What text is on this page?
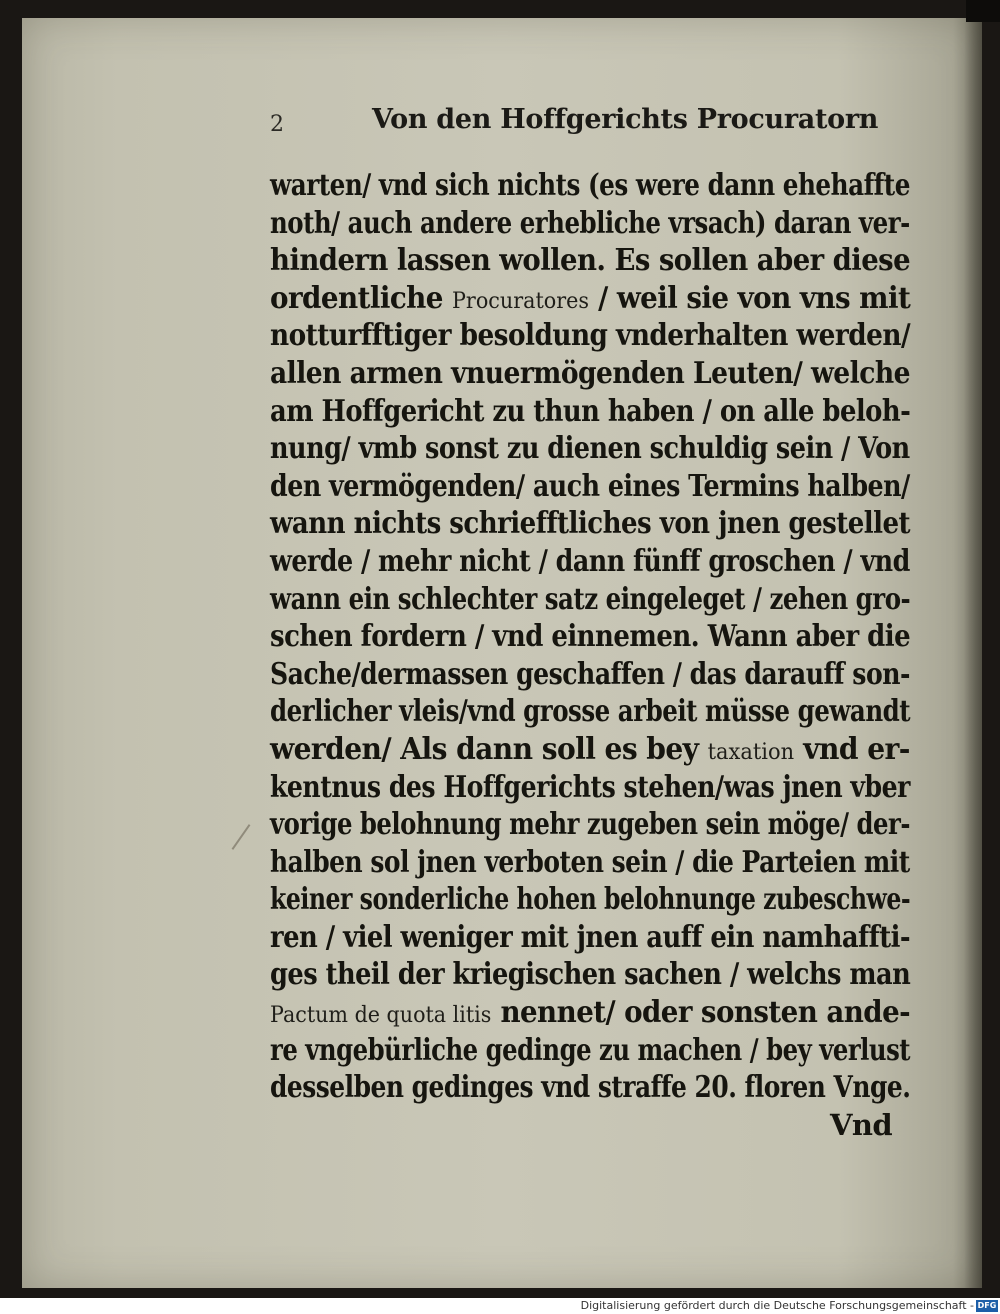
2	Von den Hoffgerichts Procuratorn
warten/ vnd sich nichts (es were dann ehehaffte
noth/ auch andere erhebliche vrsach) daran ver-
hindern lassen wollen. Es sollen aber diese
ordentliche Procuratores / weil sie von vns mit
notturfftiger besoldung vnderhalten werden/
allen armen vnuermögenden Leuten/ welche
am Hoffgericht zu thun haben / on alle beloh-
nung/ vmb sonst zu dienen schuldig sein / Von
den vermögenden/ auch eines Termins halben/
wann nichts schriefftliches von jnen gestellet
werde / mehr nicht / dann fünff groschen / vnd
wann ein schlechter satz eingeleget / zehen gro-
schen fordern / vnd einnemen. Wann aber die
Sache/dermassen geschaffen / das darauff son-
derlicher vleis/vnd grosse arbeit müsse gewandt
werden/ Als dann soll es bey taxation vnd er-
kentnus des Hoffgerichts stehen/was jnen vber
vorige belohnung mehr zugeben sein möge/ der-
halben sol jnen verboten sein / die Parteien mit
keiner sonderliche hohen belohnunge zubeschwe-
ren / viel weniger mit jnen auff ein namhaffti-
ges theil der kriegischen sachen / welchs man
Pactum de quota litis nennet/ oder sonsten ande-
re vngebürliche gedinge zu machen / bey verlust
desselben gedinges vnd straffe 20. floren Vnge.
Vnd
Digitalisierung gefördert durch die Deutsche Forschungsgemeinschaft - DFG
